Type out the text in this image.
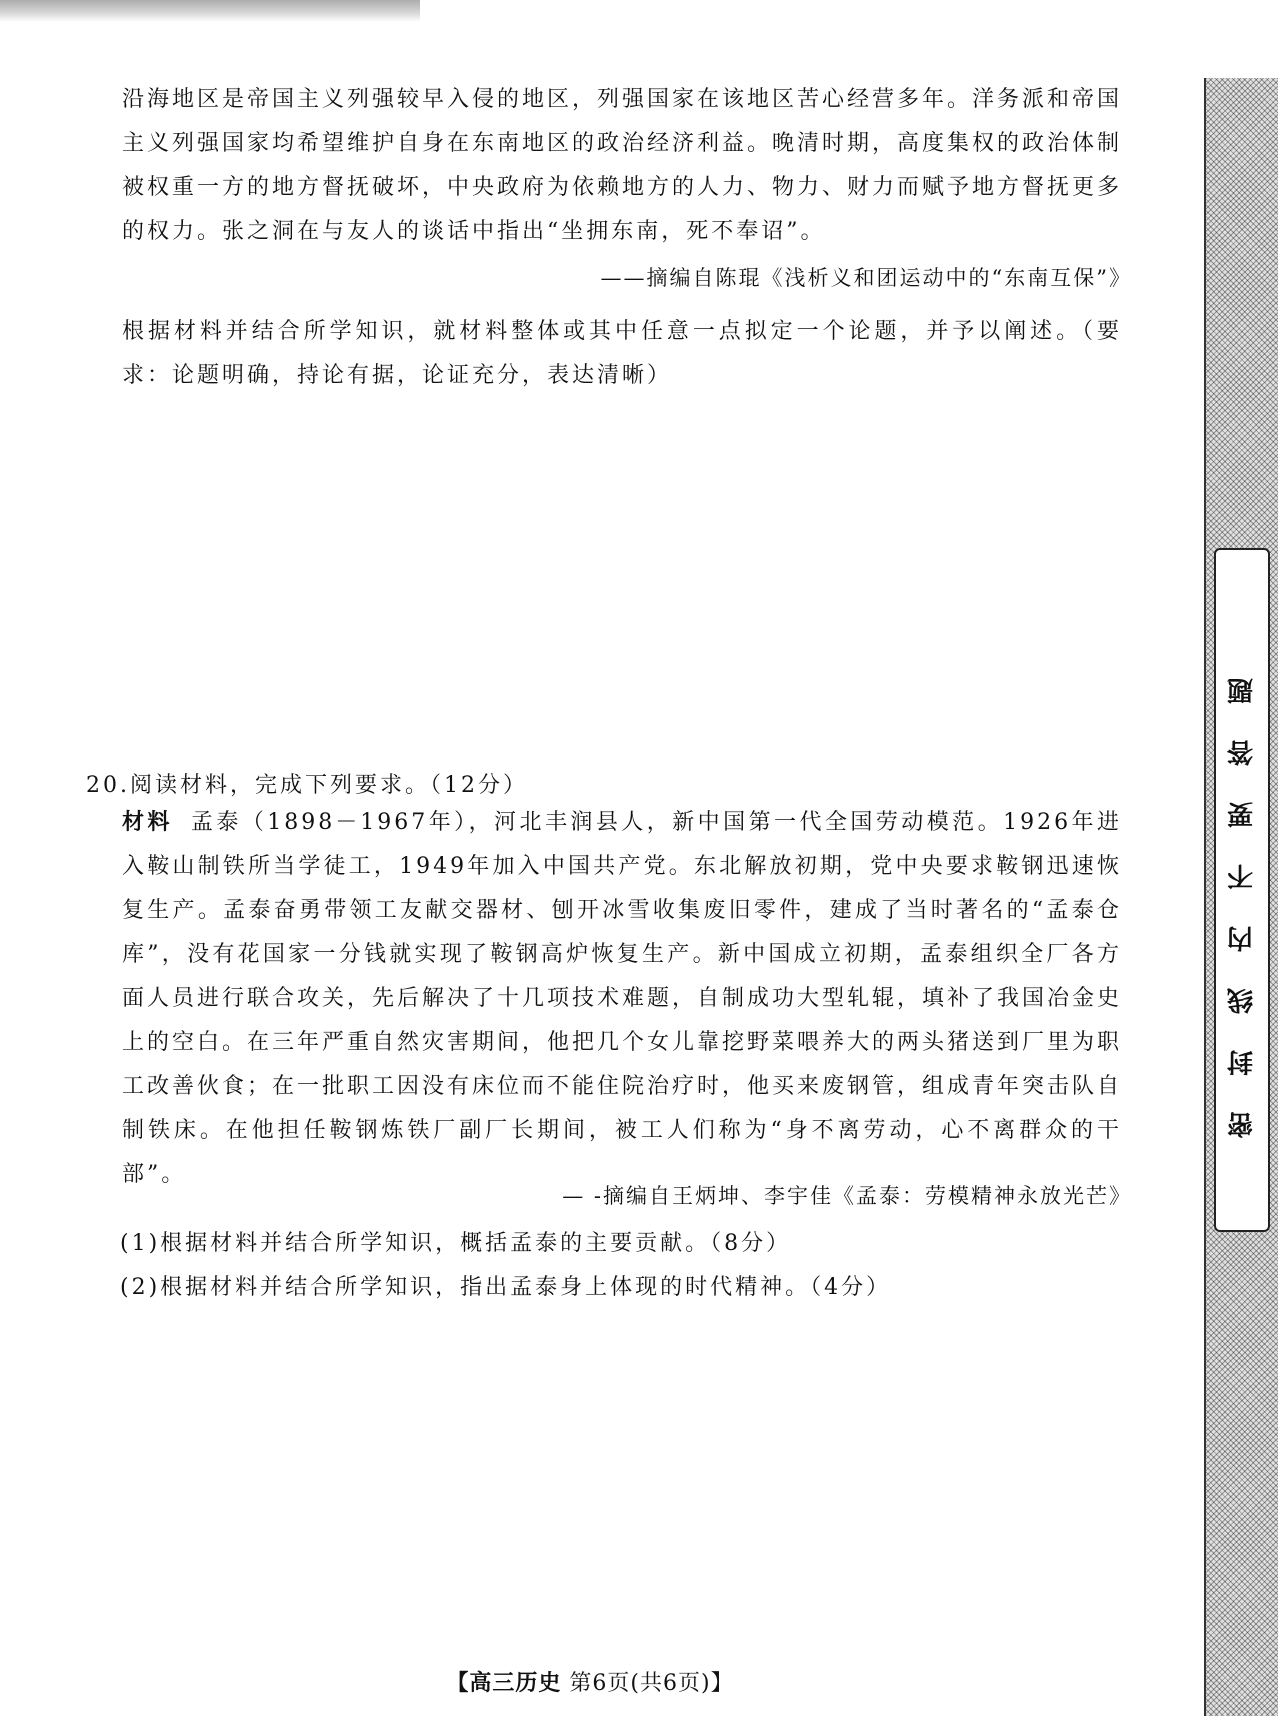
沿海地区是帝国主义列强较早入侵的地区，列强国家在该地区苦心经营多年。洋务派和帝国主义列强国家均希望维护自身在东南地区的政治经济利益。晚清时期，高度集权的政治体制被权重一方的地方督抚破坏，中央政府为依赖地方的人力、物力、财力而赋予地方督抚更多的权力。张之洞在与友人的谈话中指出“坐拥东南，死不奉诏”。

——摘编自陈琨《浅析义和团运动中的“东南互保”》

根据材料并结合所学知识，就材料整体或其中任意一点拟定一个论题，并予以阐述。（要求：论题明确，持论有据，论证充分，表达清晰）

20.阅读材料，完成下列要求。（12分）

材料 孟泰（1898－1967年），河北丰润县人，新中国第一代全国劳动模范。1926年进入鞍山制铁所当学徒工，1949年加入中国共产党。东北解放初期，党中央要求鞍钢迅速恢复生产。孟泰奋勇带领工友献交器材、刨开冰雪收集废旧零件，建成了当时著名的“孟泰仓库”，没有花国家一分钱就实现了鞍钢高炉恢复生产。新中国成立初期，孟泰组织全厂各方面人员进行联合攻关，先后解决了十几项技术难题，自制成功大型轧辊，填补了我国冶金史上的空白。在三年严重自然灾害期间，他把几个女儿靠挖野菜喂养大的两头猪送到厂里为职工改善伙食；在一批职工因没有床位而不能住院治疗时，他买来废钢管，组成青年突击队自制铁床。在他担任鞍钢炼铁厂副厂长期间，被工人们称为“身不离劳动，心不离群众的干部”。

— -摘编自王炳坤、李宇佳《孟泰：劳模精神永放光芒》

(1)根据材料并结合所学知识，概括孟泰的主要贡献。（8分）

(2)根据材料并结合所学知识，指出孟泰身上体现的时代精神。（4分）

密封线内不要答题
【高三历史 第6页(共6页)】
